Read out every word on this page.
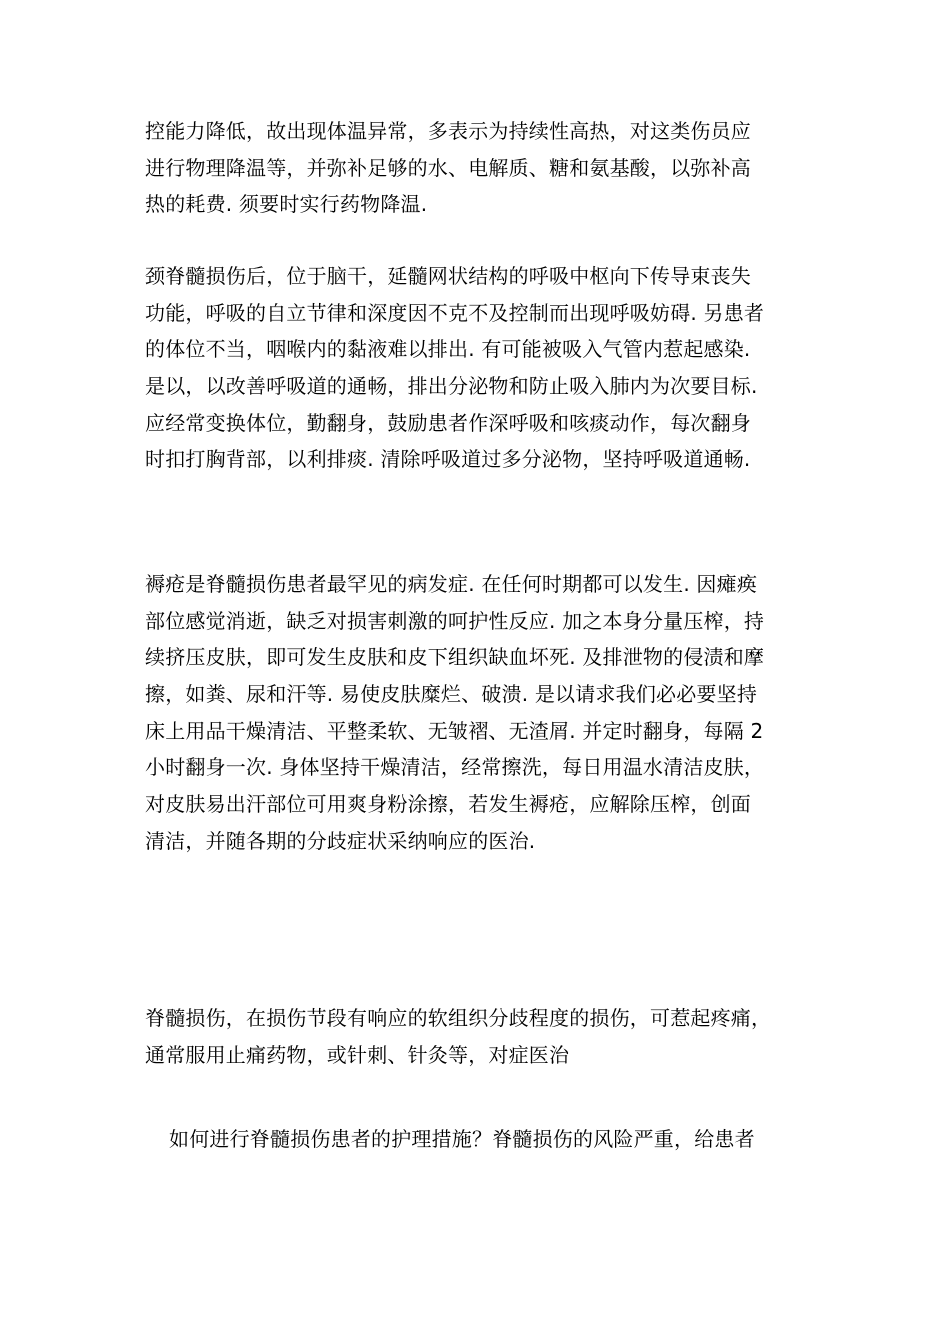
控能力降低，故出现体温异常，多表示为持续性高热，对这类伤员应
进行物理降温等，并弥补足够的水、电解质、糖和氨基酸，以弥补高
热的耗费. 须要时实行药物降温.
颈脊髓损伤后，位于脑干，延髓网状结构的呼吸中枢向下传导束丧失
功能，呼吸的自立节律和深度因不克不及控制而出现呼吸妨碍. 另患者
的体位不当，咽喉内的黏液难以排出. 有可能被吸入气管内惹起感染.
是以，以改善呼吸道的通畅，排出分泌物和防止吸入肺内为次要目标.
应经常变换体位，勤翻身，鼓励患者作深呼吸和咳痰动作，每次翻身
时扣打胸背部，以利排痰. 清除呼吸道过多分泌物，坚持呼吸道通畅.
褥疮是脊髓损伤患者最罕见的病发症. 在任何时期都可以发生. 因瘫痪
部位感觉消逝，缺乏对损害刺激的呵护性反应. 加之本身分量压榨，持
续挤压皮肤，即可发生皮肤和皮下组织缺血坏死. 及排泄物的侵渍和摩
擦，如粪、尿和汗等. 易使皮肤糜烂、破溃. 是以请求我们必必要坚持
床上用品干燥清洁、平整柔软、无皱褶、无渣屑. 并定时翻身，每隔 2
小时翻身一次. 身体坚持干燥清洁，经常擦洗，每日用温水清洁皮肤，
对皮肤易出汗部位可用爽身粉涂擦，若发生褥疮，应解除压榨，创面
清洁，并随各期的分歧症状采纳响应的医治.
脊髓损伤，在损伤节段有响应的软组织分歧程度的损伤，可惹起疼痛，
通常服用止痛药物，或针刺、针灸等，对症医治
如何进行脊髓损伤患者的护理措施？脊髓损伤的风险严重，给患者
